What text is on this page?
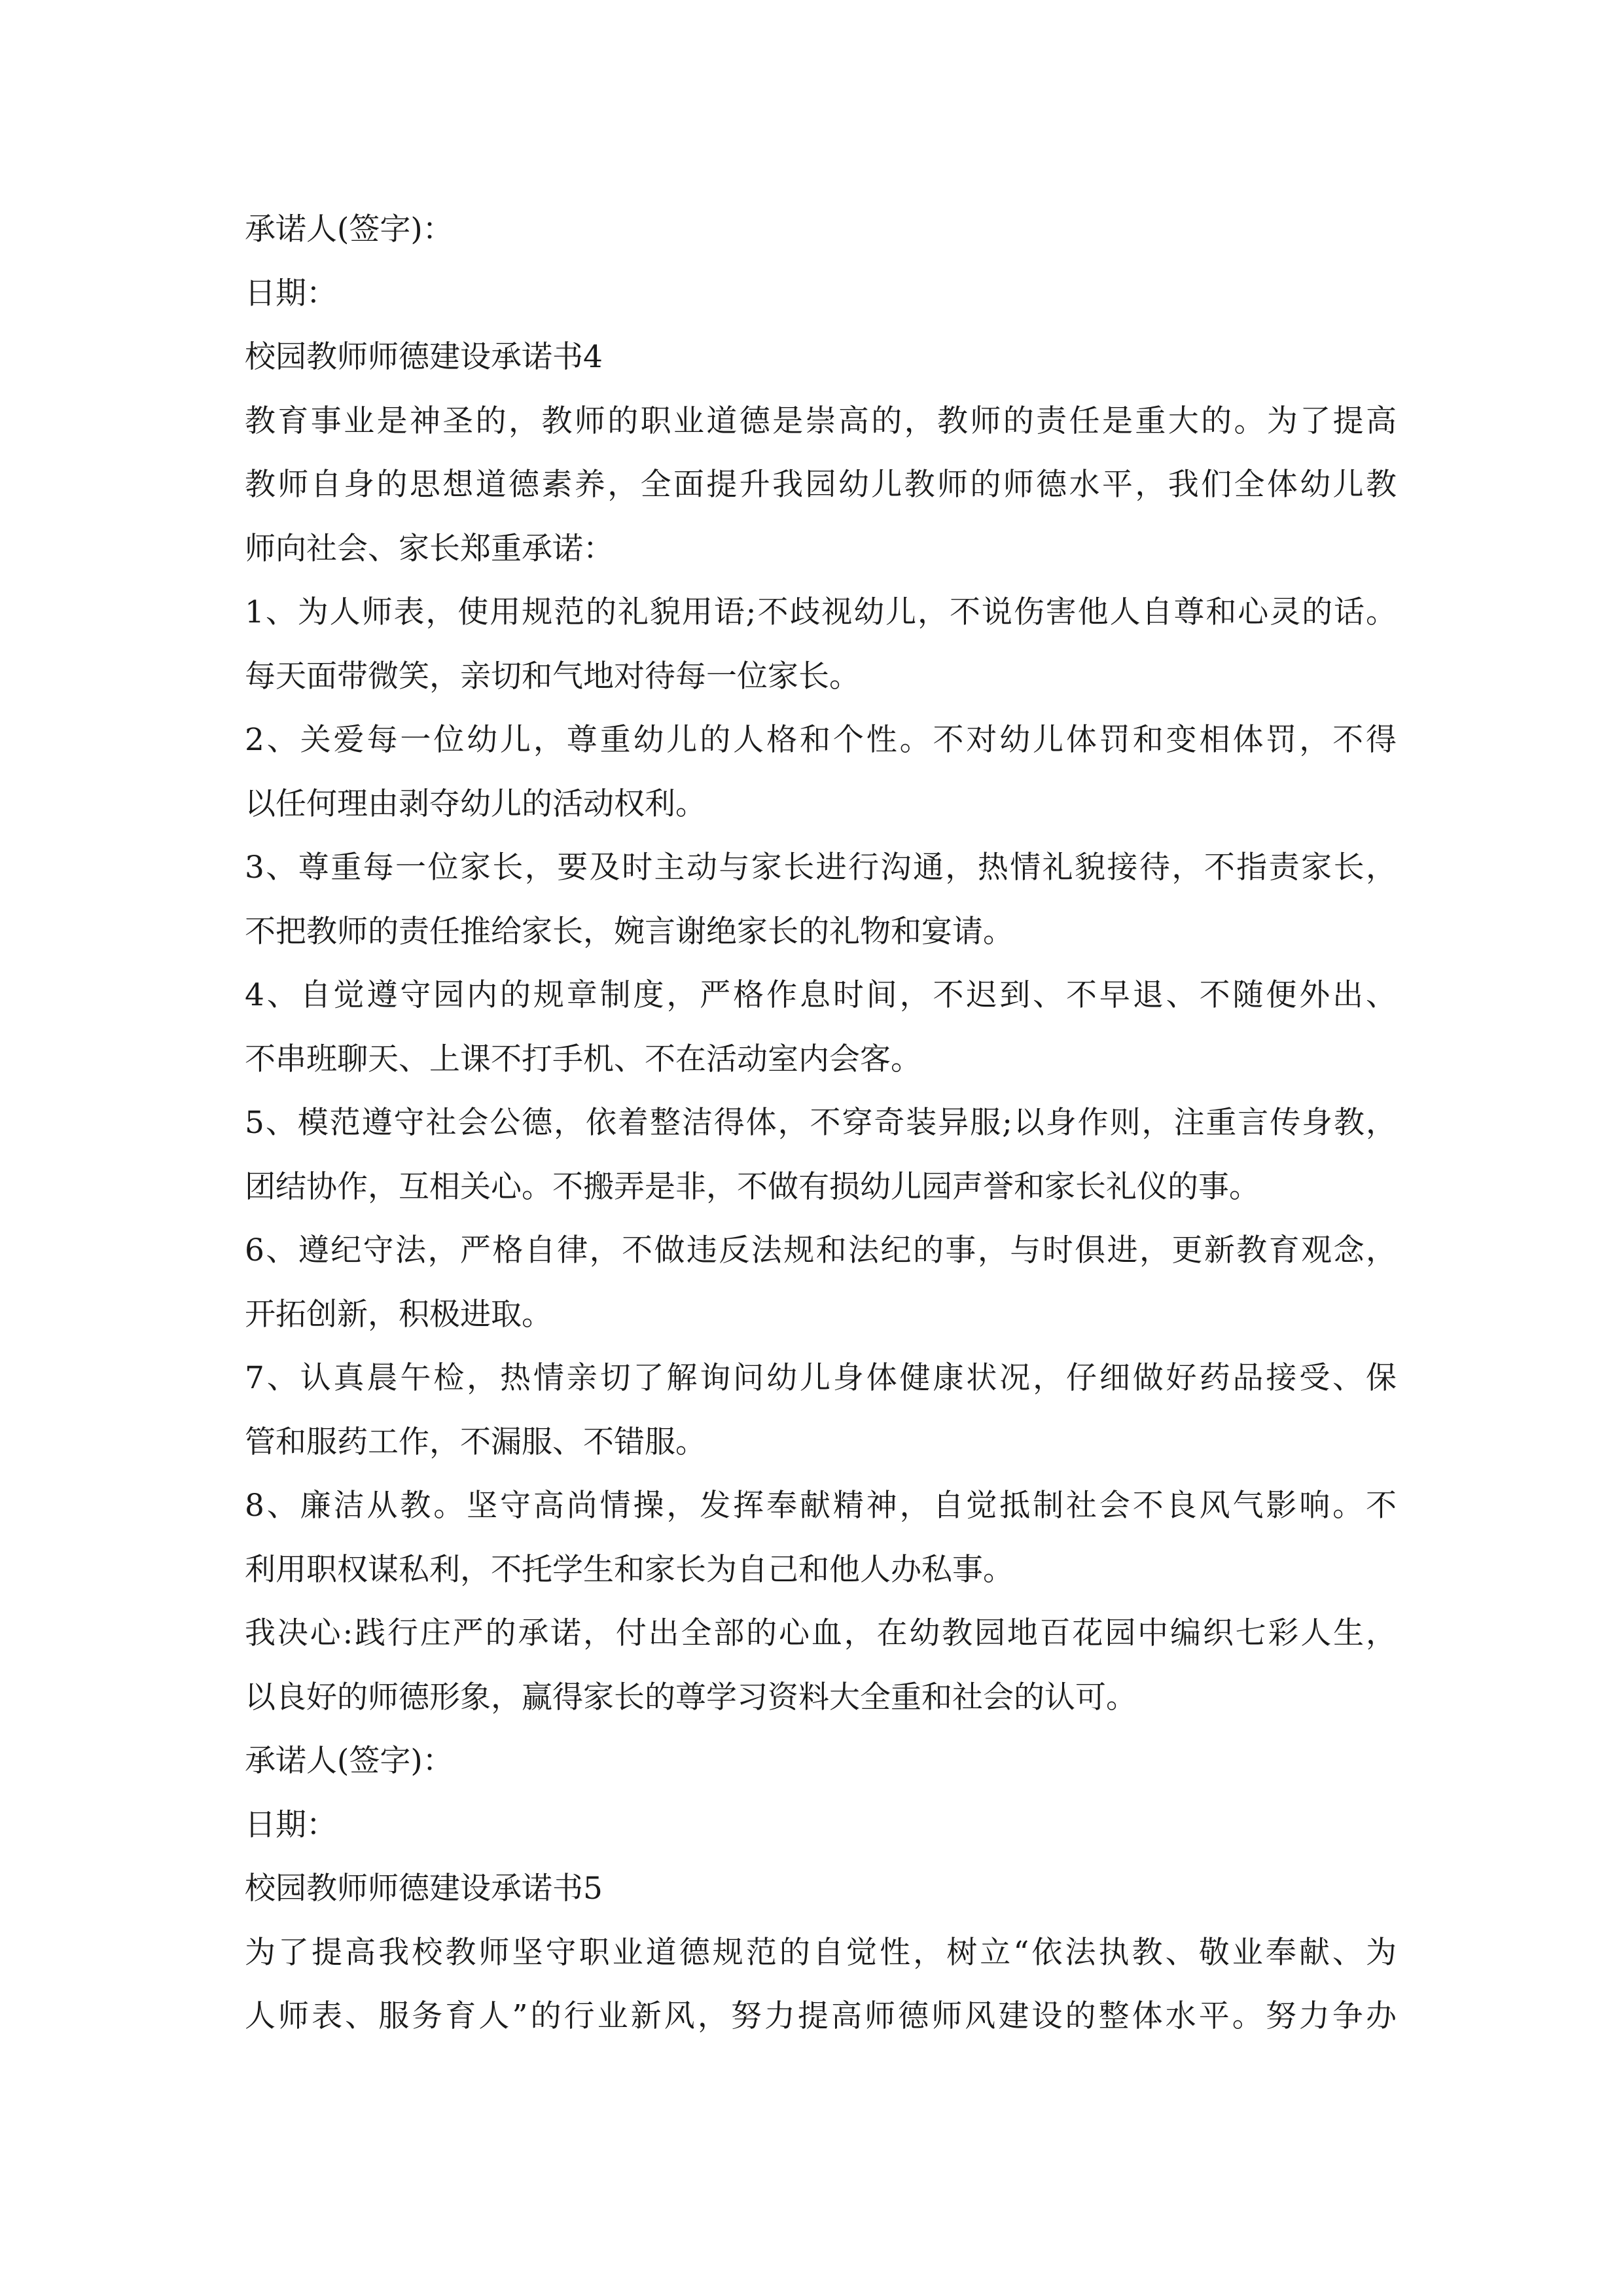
承诺人(签字)：
日期：
校园教师师德建设承诺书4
教育事业是神圣的，教师的职业道德是崇高的，教师的责任是重大的。为了提高
教师自身的思想道德素养，全面提升我园幼儿教师的师德水平，我们全体幼儿教
师向社会、家长郑重承诺：
1、为人师表，使用规范的礼貌用语;不歧视幼儿，不说伤害他人自尊和心灵的话。
每天面带微笑，亲切和气地对待每一位家长。
2、关爱每一位幼儿，尊重幼儿的人格和个性。不对幼儿体罚和变相体罚，不得
以任何理由剥夺幼儿的活动权利。
3、尊重每一位家长，要及时主动与家长进行沟通，热情礼貌接待，不指责家长，
不把教师的责任推给家长，婉言谢绝家长的礼物和宴请。
4、自觉遵守园内的规章制度，严格作息时间，不迟到、不早退、不随便外出、
不串班聊天、上课不打手机、不在活动室内会客。
5、模范遵守社会公德，依着整洁得体，不穿奇装异服;以身作则，注重言传身教，
团结协作，互相关心。不搬弄是非，不做有损幼儿园声誉和家长礼仪的事。
6、遵纪守法，严格自律，不做违反法规和法纪的事，与时俱进，更新教育观念，
开拓创新，积极进取。
7、认真晨午检，热情亲切了解询问幼儿身体健康状况，仔细做好药品接受、保
管和服药工作，不漏服、不错服。
8、廉洁从教。坚守高尚情操，发挥奉献精神，自觉抵制社会不良风气影响。不
利用职权谋私利，不托学生和家长为自己和他人办私事。
我决心:践行庄严的承诺，付出全部的心血，在幼教园地百花园中编织七彩人生，
以良好的师德形象，赢得家长的尊学习资料大全重和社会的认可。
承诺人(签字)：
日期：
校园教师师德建设承诺书5
为了提高我校教师坚守职业道德规范的自觉性，树立“依法执教、敬业奉献、为
人师表、服务育人”的行业新风，努力提高师德师风建设的整体水平。努力争办
